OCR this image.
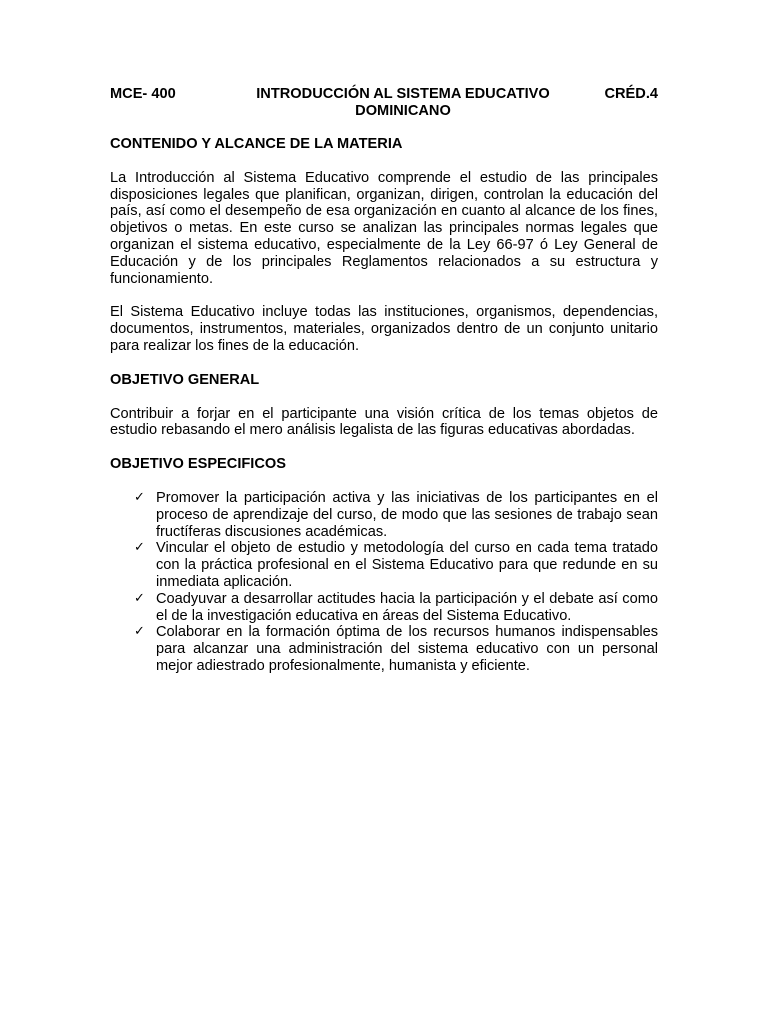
MCE- 400	INTRODUCCIÓN AL SISTEMA EDUCATIVO
DOMINICANO
CRÉD.4
CONTENIDO Y ALCANCE DE LA MATERIA

La Introducción al Sistema Educativo comprende el estudio de las principales disposiciones legales que planifican, organizan, dirigen, controlan la educación del país, así como el desempeño de esa organización en cuanto al alcance de los fines, objetivos o metas. En este curso se analizan las principales normas legales que organizan el sistema educativo, especialmente de la Ley 66-97 ó Ley General de Educación y de los principales Reglamentos relacionados a su estructura y funcionamiento.

El Sistema Educativo incluye todas las instituciones, organismos, dependencias, documentos, instrumentos, materiales, organizados dentro de un conjunto unitario para realizar los fines de la educación.

OBJETIVO GENERAL

Contribuir a forjar en el participante una visión crítica de los temas objetos de estudio rebasando el mero análisis legalista de las figuras educativas abordadas.

OBJETIVO ESPECIFICOS
✓ Promover la participación activa y las iniciativas de los participantes en el proceso de aprendizaje del curso, de modo que las sesiones de trabajo sean fructíferas discusiones académicas.
✓ Vincular el objeto de estudio y metodología del curso en cada tema tratado con la práctica profesional en el Sistema Educativo para que redunde en su inmediata aplicación.
✓ Coadyuvar a desarrollar actitudes hacia la participación y el debate así como el de la investigación educativa en áreas del Sistema Educativo.
✓ Colaborar en la formación óptima de los recursos humanos indispensables para alcanzar una administración del sistema educativo con un personal mejor adiestrado profesionalmente, humanista y eficiente.
